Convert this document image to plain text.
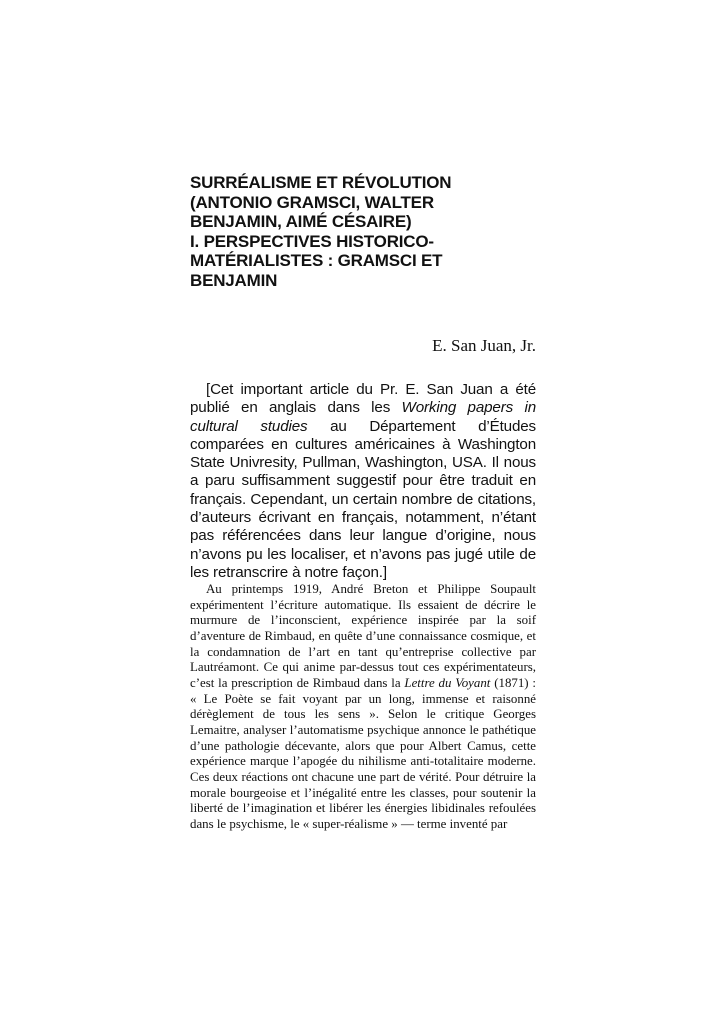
SURRÉALISME ET RÉVOLUTION
(ANTONIO GRAMSCI, WALTER
BENJAMIN, AIMÉ CÉSAIRE)
I. PERSPECTIVES HISTORICO-
MATÉRIALISTES : GRAMSCI ET
BENJAMIN

E. San Juan, Jr.

[Cet important article du Pr. E. San Juan a été publié en anglais dans les Working papers in cultural studies au Département d’Études comparées en cultures américaines à Washington State Univresity, Pullman, Washington, USA. Il nous a paru suffisamment suggestif pour être traduit en français. Cependant, un certain nombre de citations, d’auteurs écrivant en français, notamment, n’étant pas référencées dans leur langue d’origine, nous n’avons pu les localiser, et n’avons pas jugé utile de les retranscrire à notre façon.]

Au printemps 1919, André Breton et Philippe Soupault expérimentent l’écriture automatique. Ils essaient de décrire le murmure de l’inconscient, expérience inspirée par la soif d’aventure de Rimbaud, en quête d’une connaissance cosmique, et la condamnation de l’art en tant qu’entreprise collective par Lautréamont. Ce qui anime par-dessus tout ces expérimentateurs, c’est la prescription de Rimbaud dans la Lettre du Voyant (1871) : « Le Poète se fait voyant par un long, immense et raisonné dérèglement de tous les sens ». Selon le critique Georges Lemaitre, analyser l’automatisme psychique annonce le pathétique d’une pathologie décevante, alors que pour Albert Camus, cette expérience marque l’apogée du nihilisme anti-totalitaire moderne. Ces deux réactions ont chacune une part de vérité. Pour détruire la morale bourgeoise et l’inégalité entre les classes, pour soutenir la liberté de l’imagination et libérer les énergies libidinales refoulées dans le psychisme, le « super-réalisme » — terme inventé par
